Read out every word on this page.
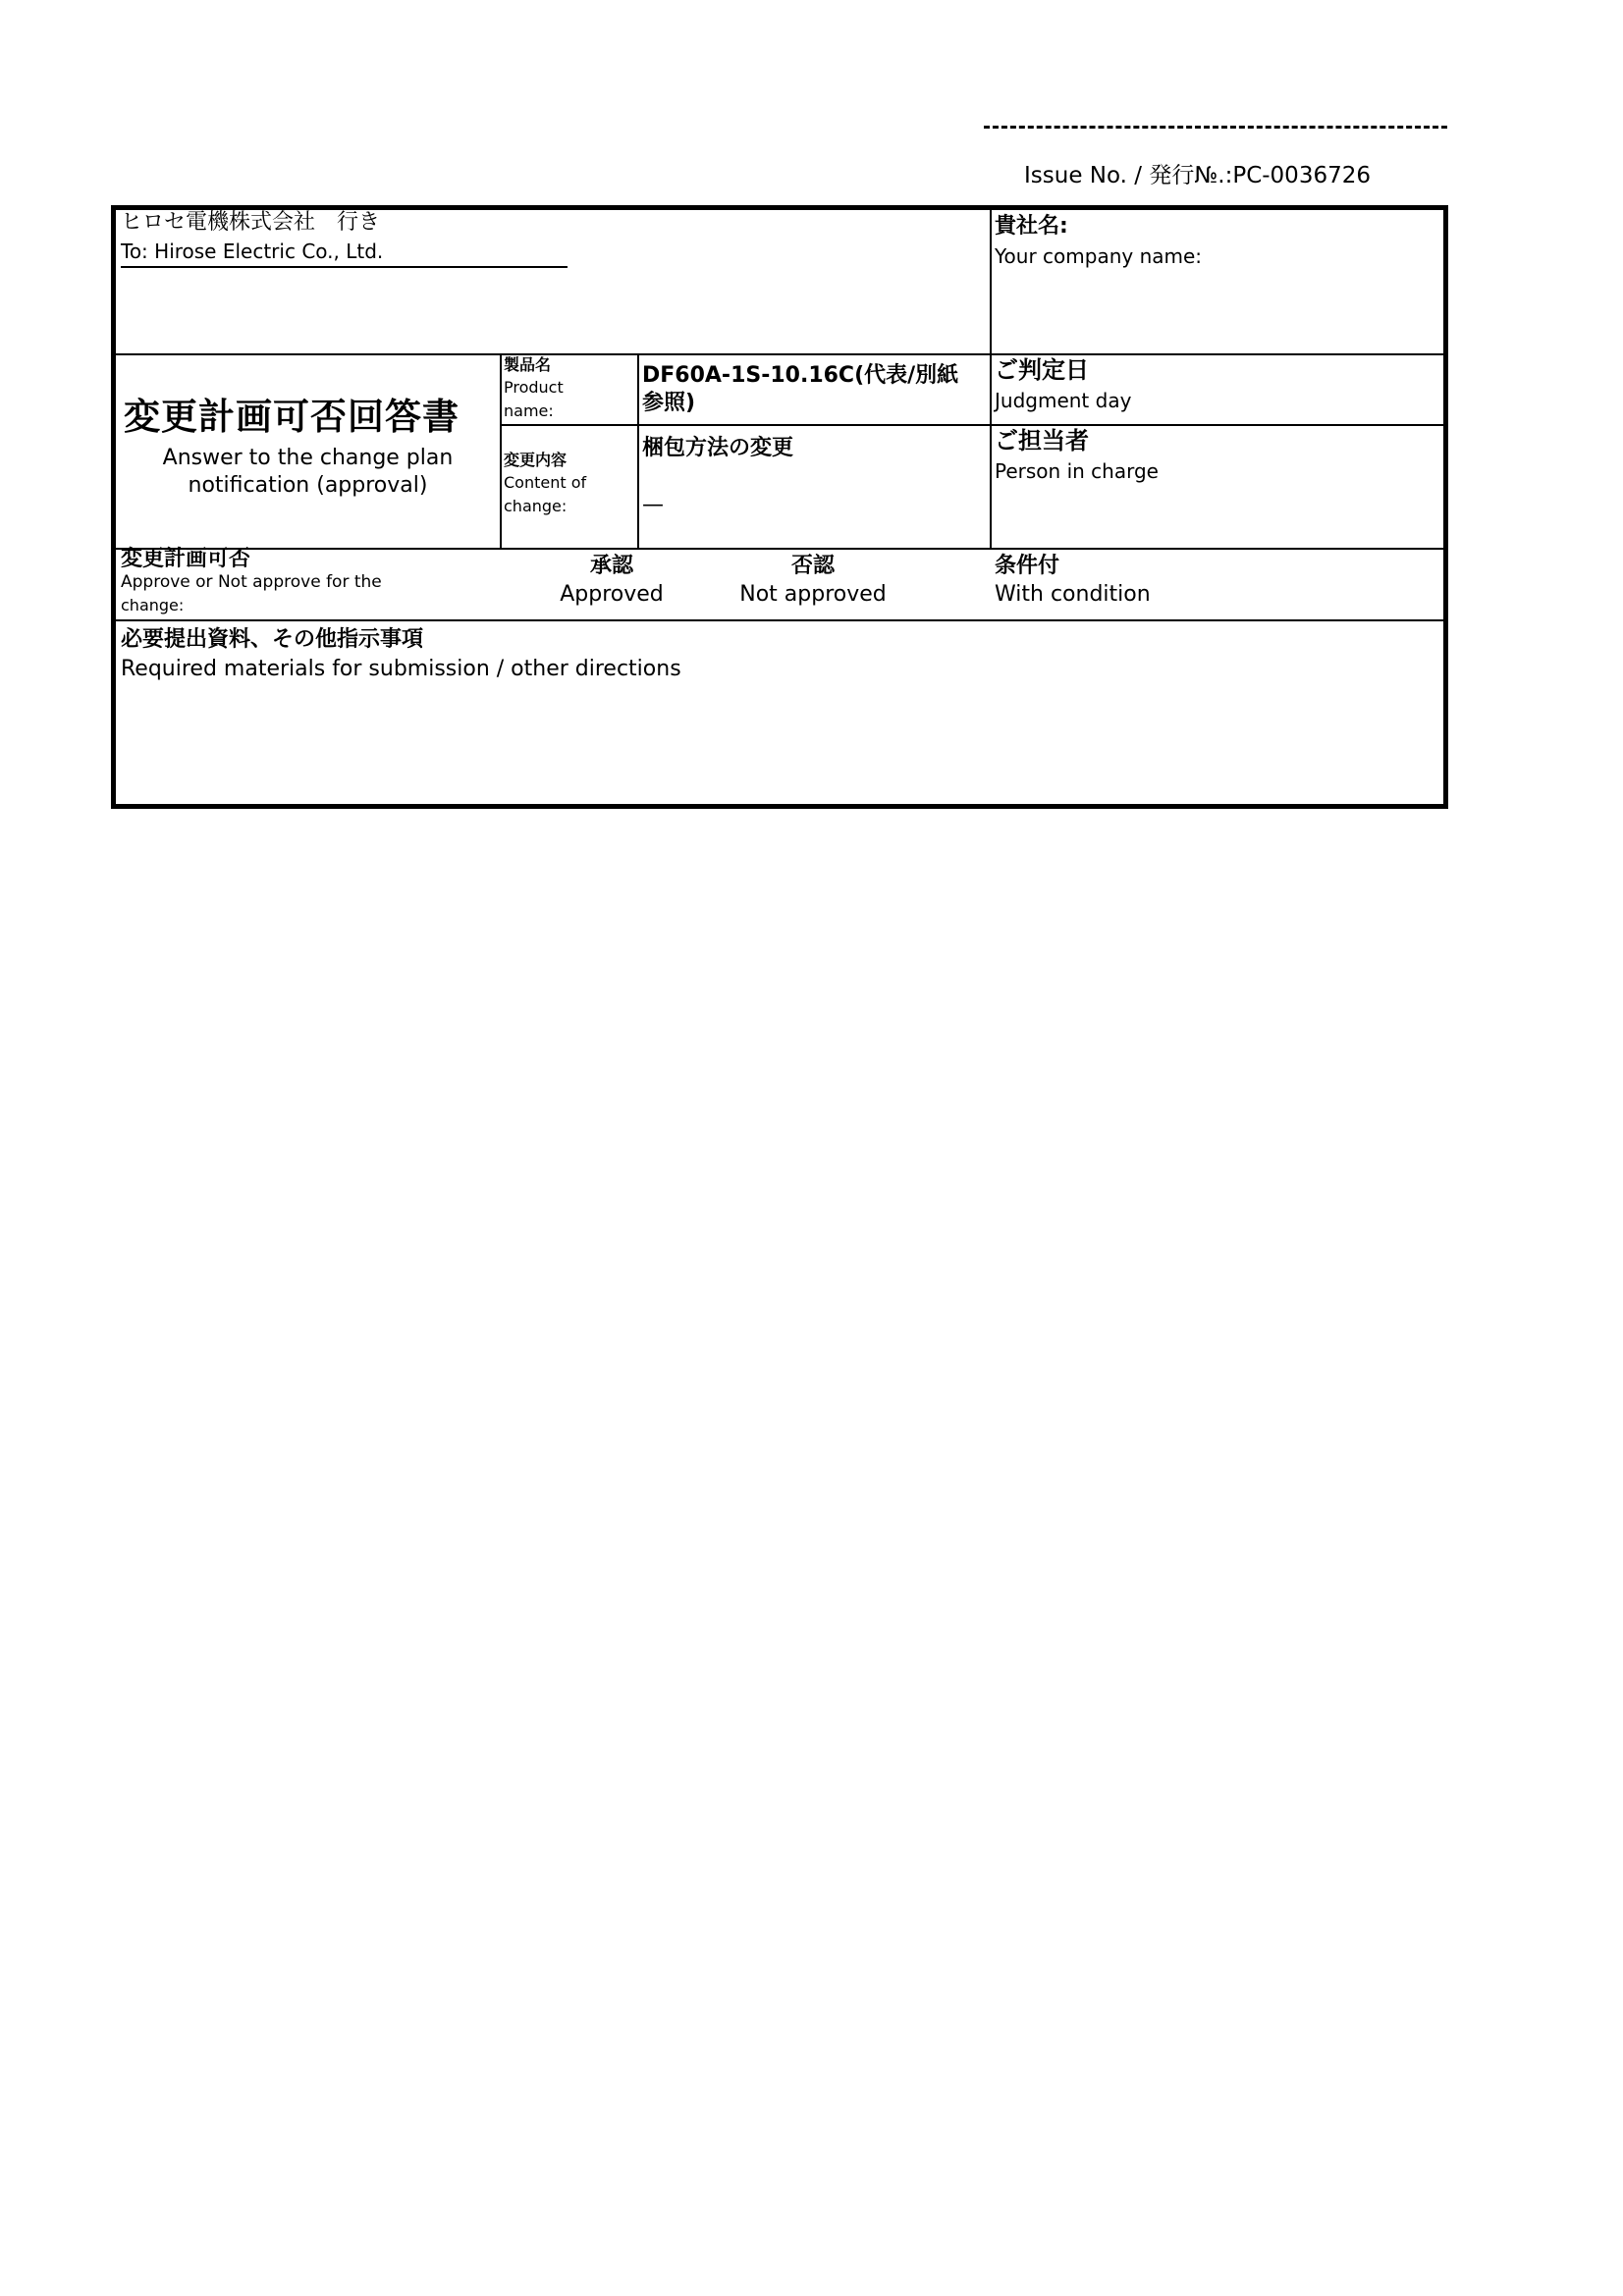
Issue No. / 発行№.:PC-0036726
ヒロセ電機株式会社　行き
To: Hirose Electric Co., Ltd.
貴社名:
Your company name:
変更計画可否回答書
Answer to the change plan
notification (approval)
製品名
Product
name:
DF60A-1S-10.16C(代表/別紙
参照)
ご判定日
Judgment day
変更内容
Content of
change:
梱包方法の変更
—
ご担当者
Person in charge
変更計画可否
Approve or Not approve for the
change:
承認
Approved
否認
Not approved
条件付
With condition
必要提出資料、その他指示事項
Required materials for submission / other directions
